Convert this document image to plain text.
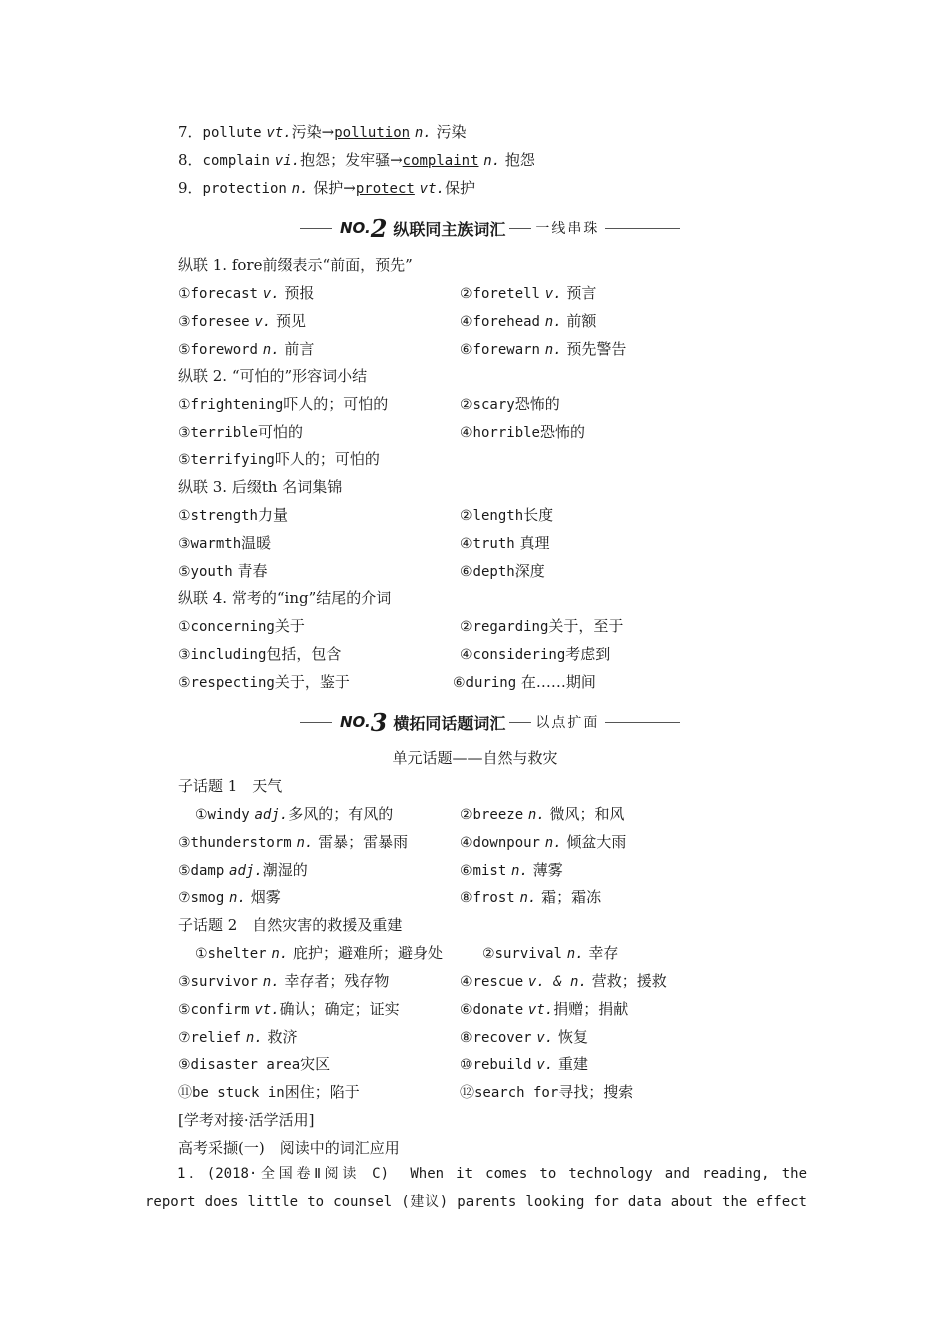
7．pollute vt.污染→pollution n. 污染
8．complain vi.抱怨；发牢骚→complaint n. 抱怨
9．protection n. 保护→protect vt.保护
NO. 2 纵联同主族词汇 一线串珠
纵联 1. fore前缀表示“前面，预先”
①forecast v. 预报	②foretell v. 预言
③foresee v. 预见	④forehead n. 前额
⑤foreword n. 前言	⑥forewarn n. 预先警告
纵联 2. “可怕的”形容词小结
①frightening吓人的；可怕的	②scary恐怖的
③terrible可怕的	④horrible恐怖的
⑤terrifying吓人的；可怕的
纵联 3. 后缀th 名词集锦
①strength力量	②length长度
③warmth温暖	④truth 真理
⑤youth 青春	⑥depth深度
纵联 4. 常考的“ing”结尾的介词
①concerning关于	②regarding关于，至于
③including包括，包含	④considering考虑到
⑤respecting关于，鉴于	⑥during 在……期间
NO. 3 横拓同话题词汇 以点扩面
单元话题——自然与救灾
子话题 1　天气
①windy adj.多风的；有风的	②breeze n. 微风；和风
③thunderstorm n. 雷暴；雷暴雨	④downpour n. 倾盆大雨
⑤damp adj.潮湿的	⑥mist n. 薄雾
⑦smog n. 烟雾	⑧frost n. 霜；霜冻
子话题 2　自然灾害的救援及重建
①shelter n. 庇护；避难所；避身处	②survival n. 幸存
③survivor n. 幸存者；残存物	④rescue v. & n. 营救；援救
⑤confirm vt.确认；确定；证实	⑥donate vt.捐赠；捐献
⑦relief n. 救济	⑧recover v. 恢复
⑨disaster area灾区	⑩rebuild v. 重建
⑪be stuck in困住；陷于	⑫search for寻找；搜索
[学考对接·活学活用]
高考采撷(一)　阅读中的词汇应用
1．(2018·全国卷Ⅱ阅读 C)　When it comes to technology and reading, the
report does little to counsel (建议) parents looking for data about the effect
